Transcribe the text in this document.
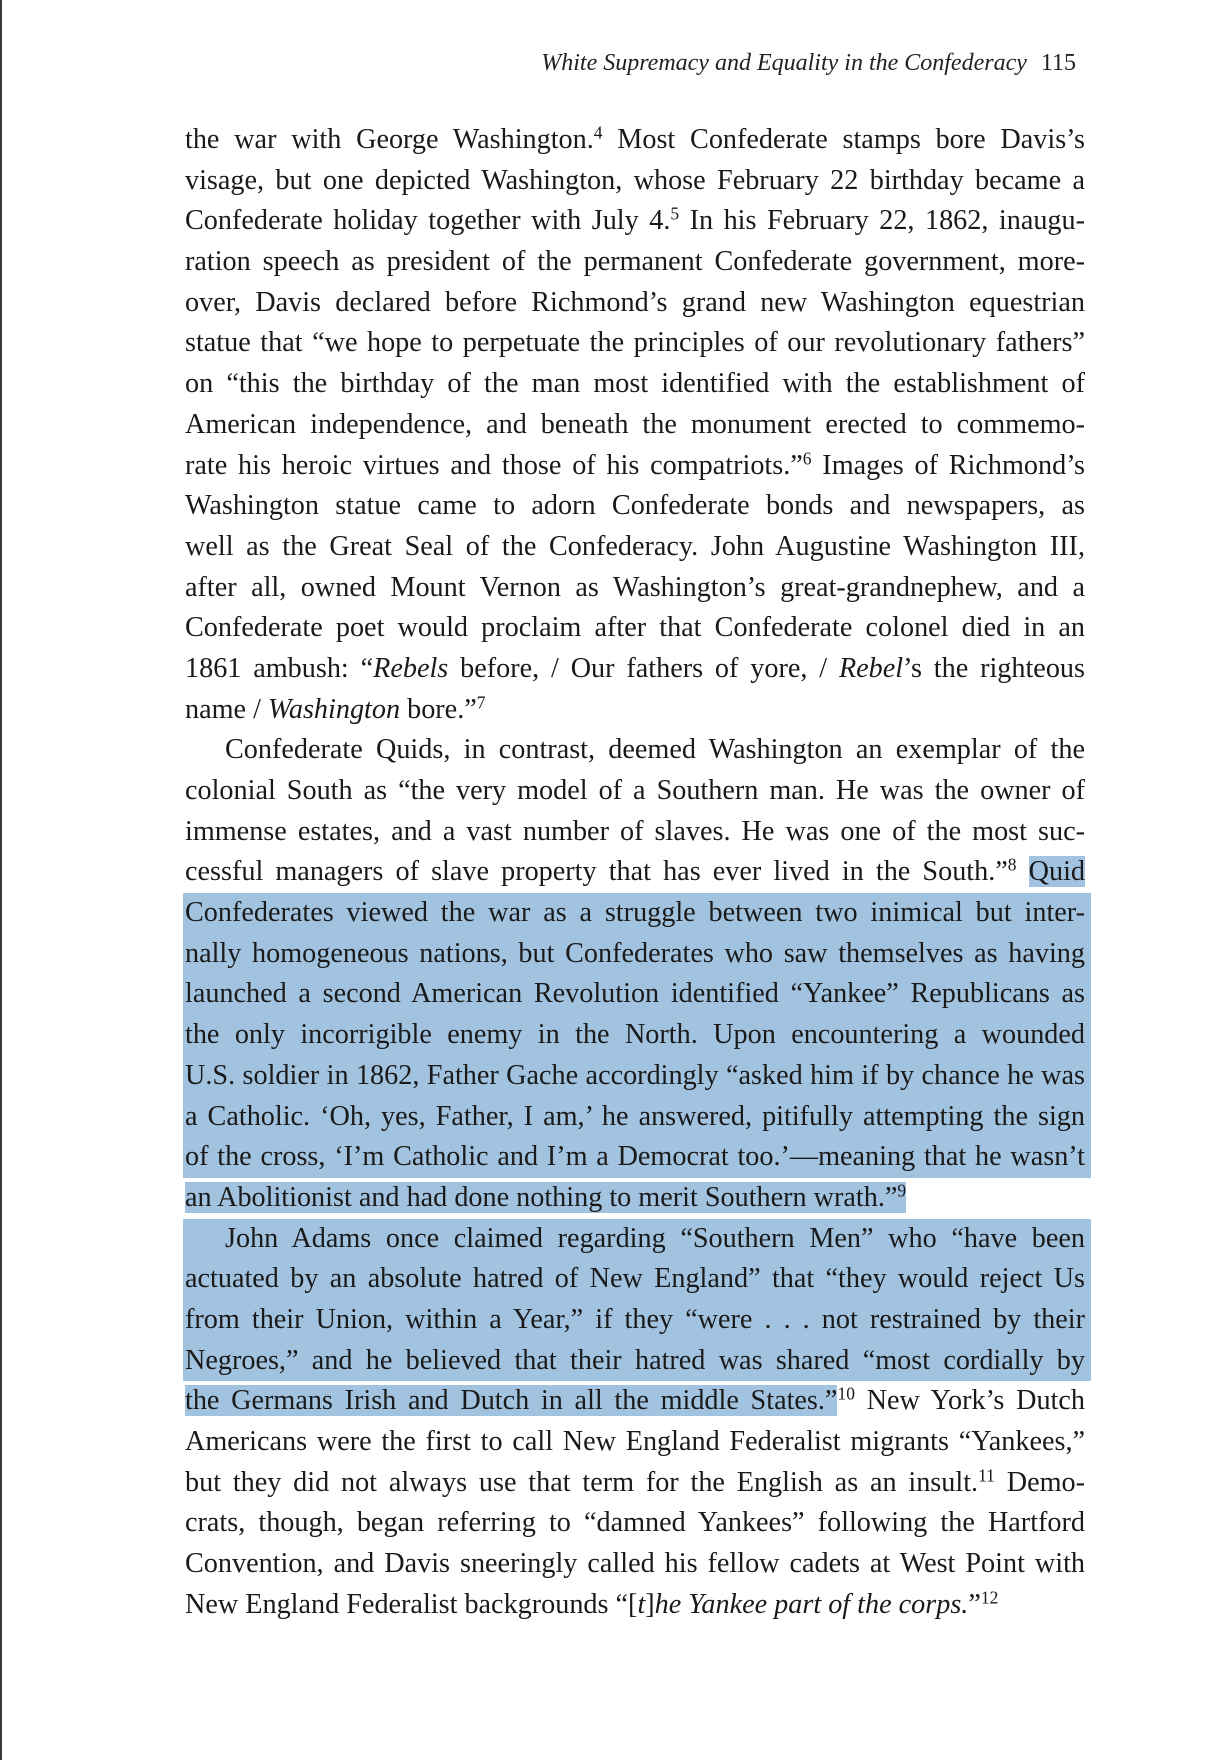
White Supremacy and Equality in the Confederacy 115
the war with George Washington.$^4$ Most Confederate stamps bore Davis’s
visage, but one depicted Washington, whose February 22 birthday became a
Confederate holiday together with July 4.$^5$ In his February 22, 1862, inaugu-
ration speech as president of the permanent Confederate government, more-
over, Davis declared before Richmond’s grand new Washington equestrian
statue that “we hope to perpetuate the principles of our revolutionary fathers”
on “this the birthday of the man most identified with the establishment of
American independence, and beneath the monument erected to commemo-
rate his heroic virtues and those of his compatriots.”$^6$ Images of Richmond’s
Washington statue came to adorn Confederate bonds and newspapers, as
well as the Great Seal of the Confederacy. John Augustine Washington III,
after all, owned Mount Vernon as Washington’s great-grandnephew, and a
Confederate poet would proclaim after that Confederate colonel died in an
1861 ambush: “Rebels before, / Our fathers of yore, / Rebel’s the righteous
name / Washington bore.”$^7$
Confederate Quids, in contrast, deemed Washington an exemplar of the
colonial South as “the very model of a Southern man. He was the owner of
immense estates, and a vast number of slaves. He was one of the most suc-
cessful managers of slave property that has ever lived in the South.”$^8$ Quid
Confederates viewed the war as a struggle between two inimical but inter-
nally homogeneous nations, but Confederates who saw themselves as having
launched a second American Revolution identified “Yankee” Republicans as
the only incorrigible enemy in the North. Upon encountering a wounded
U.S. soldier in 1862, Father Gache accordingly “asked him if by chance he was
a Catholic. ‘Oh, yes, Father, I am,’ he answered, pitifully attempting the sign
of the cross, ‘I’m Catholic and I’m a Democrat too.’—meaning that he wasn’t
an Abolitionist and had done nothing to merit Southern wrath.”$^9$
John Adams once claimed regarding “Southern Men” who “have been
actuated by an absolute hatred of New England” that “they would reject Us
from their Union, within a Year,” if they “were . . . not restrained by their
Negroes,” and he believed that their hatred was shared “most cordially by
the Germans Irish and Dutch in all the middle States.”$^{10}$ New York’s Dutch
Americans were the first to call New England Federalist migrants “Yankees,”
but they did not always use that term for the English as an insult.$^{11}$ Demo-
crats, though, began referring to “damned Yankees” following the Hartford
Convention, and Davis sneeringly called his fellow cadets at West Point with
New England Federalist backgrounds “[t]he Yankee part of the corps.”$^{12}$
